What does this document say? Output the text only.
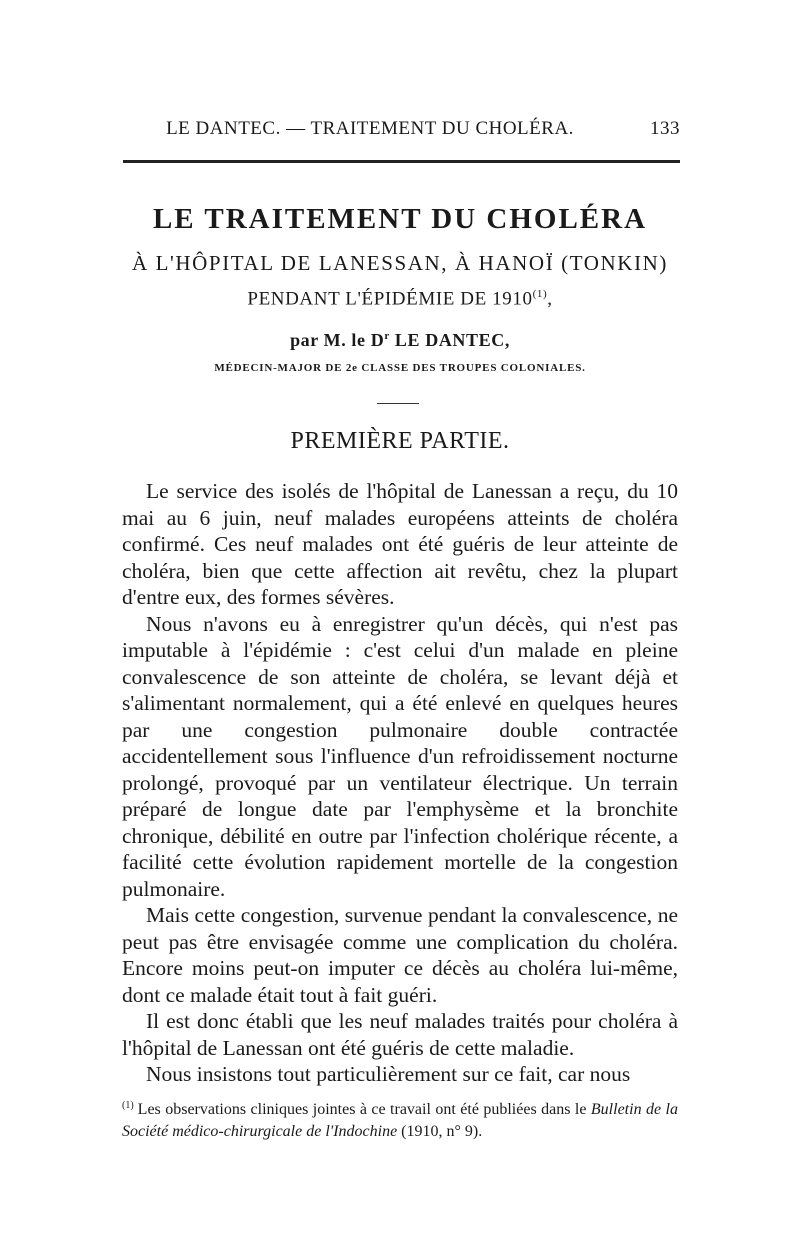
LE DANTEC. — TRAITEMENT DU CHOLÉRA.	133
LE TRAITEMENT DU CHOLÉRA
À L'HÔPITAL DE LANESSAN, À HANOÏ (TONKIN)
PENDANT L'ÉPIDÉMIE DE 1910$^{(1)}$,
par M. le $D^r$ LE DANTEC,
MÉDECIN-MAJOR DE 2e CLASSE DES TROUPES COLONIALES.
PREMIÈRE PARTIE.

Le service des isolés de l'hôpital de Lanessan a reçu, du 10 mai au 6 juin, neuf malades européens atteints de choléra confirmé. Ces neuf malades ont été guéris de leur atteinte de choléra, bien que cette affection ait revêtu, chez la plupart d'entre eux, des formes sévères.

Nous n'avons eu à enregistrer qu'un décès, qui n'est pas imputable à l'épidémie : c'est celui d'un malade en pleine convalescence de son atteinte de choléra, se levant déjà et s'alimentant normalement, qui a été enlevé en quelques heures par une congestion pulmonaire double contractée accidentellement sous l'influence d'un refroidissement nocturne prolongé, provoqué par un ventilateur électrique. Un terrain préparé de longue date par l'emphysème et la bronchite chronique, débilité en outre par l'infection cholérique récente, a facilité cette évolution rapidement mortelle de la congestion pulmonaire.

Mais cette congestion, survenue pendant la convalescence, ne peut pas être envisagée comme une complication du choléra. Encore moins peut-on imputer ce décès au choléra lui-même, dont ce malade était tout à fait guéri.

Il est donc établi que les neuf malades traités pour choléra à l'hôpital de Lanessan ont été guéris de cette maladie.

Nous insistons tout particulièrement sur ce fait, car nous

$^{(1)}$ Les observations cliniques jointes à ce travail ont été publiées dans le Bulletin de la Société médico-chirurgicale de l'Indochine (1910, n° 9).
